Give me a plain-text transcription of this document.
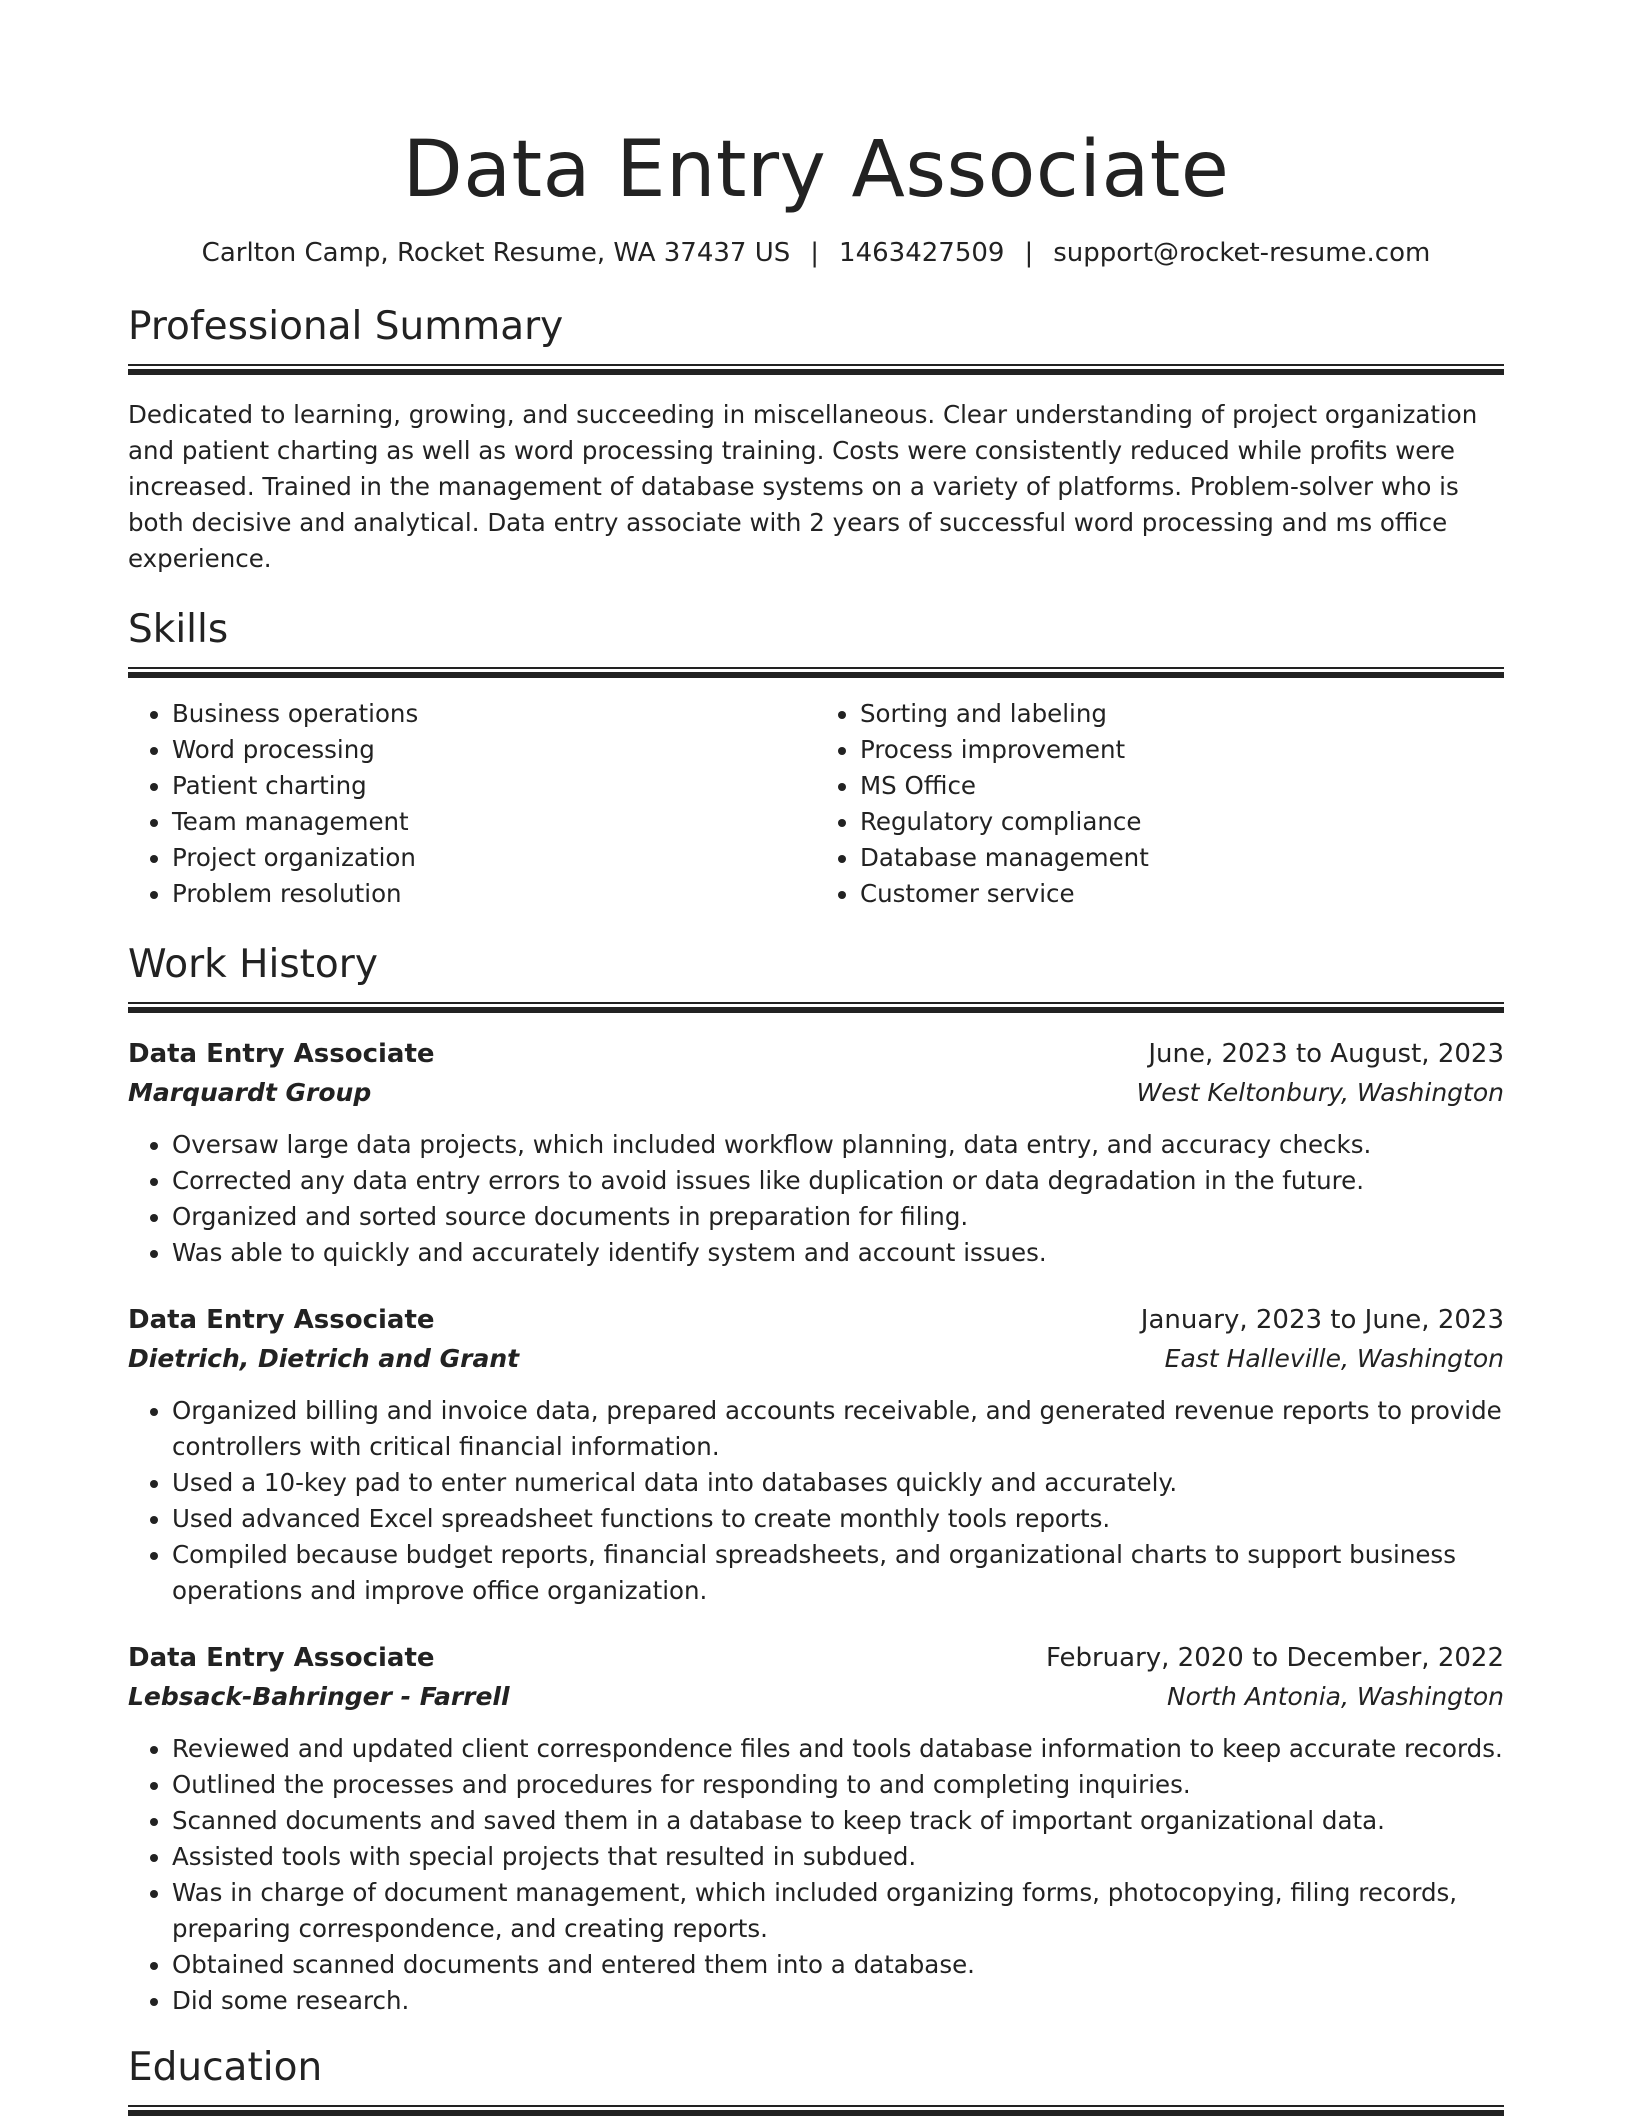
Data Entry Associate
Carlton Camp, Rocket Resume, WA 37437 US | 1463427509 | support@rocket-resume.com
Professional Summary

Dedicated to learning, growing, and succeeding in miscellaneous. Clear understanding of project organization and patient charting as well as word processing training. Costs were consistently reduced while profits were increased. Trained in the management of database systems on a variety of platforms. Problem-solver who is both decisive and analytical. Data entry associate with 2 years of successful word processing and ms office experience.

Skills
• Business operations
• Word processing
• Patient charting
• Team management
• Project organization
• Problem resolution
• Sorting and labeling
• Process improvement
• MS Office
• Regulatory compliance
• Database management
• Customer service
Work History
Data Entry Associate	June, 2023 to August, 2023
Marquardt Group	West Keltonbury, Washington
• Oversaw large data projects, which included workflow planning, data entry, and accuracy checks.
• Corrected any data entry errors to avoid issues like duplication or data degradation in the future.
• Organized and sorted source documents in preparation for filing.
• Was able to quickly and accurately identify system and account issues.
Data Entry Associate	January, 2023 to June, 2023
Dietrich, Dietrich and Grant	East Halleville, Washington
• Organized billing and invoice data, prepared accounts receivable, and generated revenue reports to provide controllers with critical financial information.
• Used a 10-key pad to enter numerical data into databases quickly and accurately.
• Used advanced Excel spreadsheet functions to create monthly tools reports.
• Compiled because budget reports, financial spreadsheets, and organizational charts to support business operations and improve office organization.
Data Entry Associate	February, 2020 to December, 2022
Lebsack-Bahringer - Farrell	North Antonia, Washington
• Reviewed and updated client correspondence files and tools database information to keep accurate records.
• Outlined the processes and procedures for responding to and completing inquiries.
• Scanned documents and saved them in a database to keep track of important organizational data.
• Assisted tools with special projects that resulted in subdued.
• Was in charge of document management, which included organizing forms, photocopying, filing records, preparing correspondence, and creating reports.
• Obtained scanned documents and entered them into a database.
• Did some research.
Education
